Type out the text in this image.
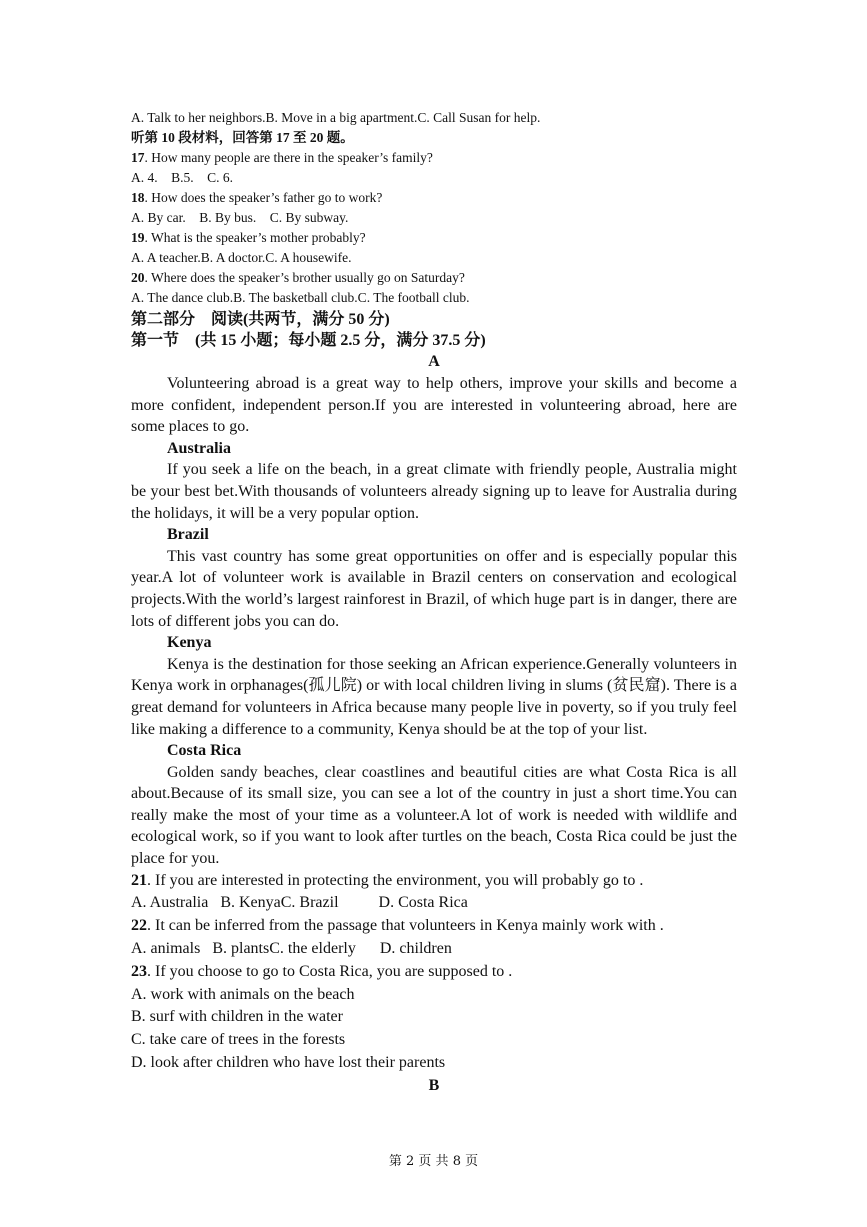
A. Talk to her neighbors.B. Move in a big apartment.C. Call Susan for help.
听第 10 段材料，回答第 17 至 20 题。
17. How many people are there in the speaker’s family?
A. 4.    B.5.    C. 6.
18. How does the speaker’s father go to work?
A. By car.    B. By bus.    C. By subway.
19. What is the speaker’s mother probably?
A. A teacher.B. A doctor.C. A housewife.
20. Where does the speaker’s brother usually go on Saturday?
A. The dance club.B. The basketball club.C. The football club.
第二部分    阅读(共两节，满分 50 分)
第一节    (共 15 小题；每小题 2.5 分，满分 37.5 分)
A

Volunteering abroad is a great way to help others, improve your skills and become a more confident, independent person.If you are interested in volunteering abroad, here are some places to go.

Australia

If you seek a life on the beach, in a great climate with friendly people, Australia might be your best bet.With thousands of volunteers already signing up to leave for Australia during the holidays, it will be a very popular option.

Brazil

This vast country has some great opportunities on offer and is especially popular this year.A lot of volunteer work is available in Brazil centers on conservation and ecological projects.With the world’s largest rainforest in Brazil, of which huge part is in danger, there are lots of different jobs you can do.

Kenya

Kenya is the destination for those seeking an African experience.Generally volunteers in Kenya work in orphanages(孤儿院) or with local children living in slums (贫民窟). There is a great demand for volunteers in Africa because many people live in poverty, so if you truly feel like making a difference to a community, Kenya should be at the top of your list.

Costa Rica

Golden sandy beaches, clear coastlines and beautiful cities are what Costa Rica is all about.Because of its small size, you can see a lot of the country in just a short time.You can really make the most of your time as a volunteer.A lot of work is needed with wildlife and ecological work, so if you want to look after turtles on the beach, Costa Rica could be just the place for you.

21. If you are interested in protecting the environment, you will probably go to .
A. Australia   B. KenyaC. Brazil          D. Costa Rica
22. It can be inferred from the passage that volunteers in Kenya mainly work with .
A. animals   B. plantsC. the elderly      D. children
23. If you choose to go to Costa Rica, you are supposed to .
A. work with animals on the beach
B. surf with children in the water
C. take care of trees in the forests
D. look after children who have lost their parents
B
第 2 页 共 8 页
